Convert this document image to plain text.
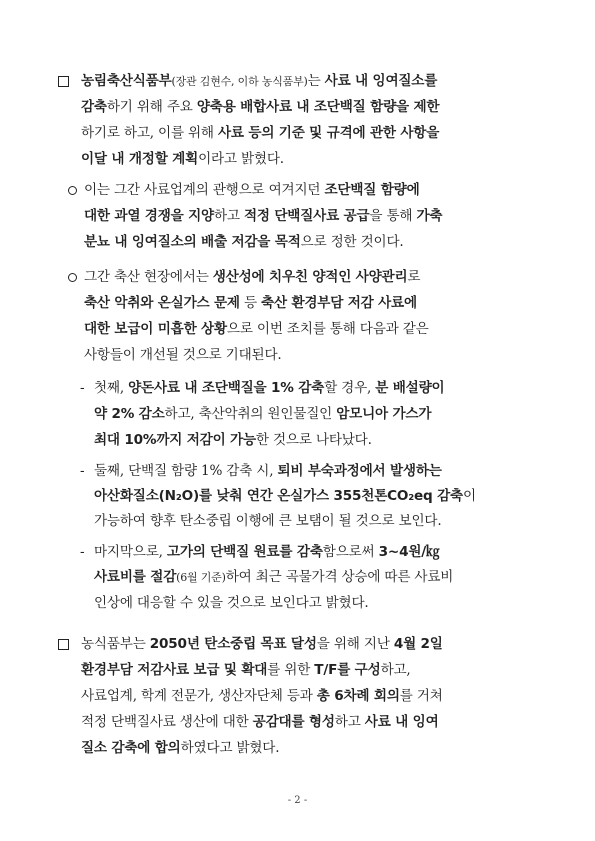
농림축산식품부(장관 김현수, 이하 농식품부)는 사료 내 잉여질소를
감축하기 위해 주요 양축용 배합사료 내 조단백질 함량을 제한
하기로 하고, 이를 위해 사료 등의 기준 및 규격에 관한 사항을
이달 내 개정할 계획이라고 밝혔다.
이는 그간 사료업계의 관행으로 여겨지던 조단백질 함량에
대한 과열 경쟁을 지양하고 적정 단백질사료 공급을 통해 가축
분뇨 내 잉여질소의 배출 저감을 목적으로 정한 것이다.
그간 축산 현장에서는 생산성에 치우친 양적인 사양관리로
축산 악취와 온실가스 문제 등 축산 환경부담 저감 사료에
대한 보급이 미흡한 상황으로 이번 조치를 통해 다음과 같은
사항들이 개선될 것으로 기대된다.
- 첫째, 양돈사료 내 조단백질을 1% 감축할 경우, 분 배설량이
약 2% 감소하고, 축산악취의 원인물질인 암모니아 가스가
최대 10%까지 저감이 가능한 것으로 나타났다.
- 둘째, 단백질 함량 1% 감축 시, 퇴비 부숙과정에서 발생하는
아산화질소(N₂O)를 낮춰 연간 온실가스 355천톤CO₂eq 감축이
가능하여 향후 탄소중립 이행에 큰 보탬이 될 것으로 보인다.
- 마지막으로, 고가의 단백질 원료를 감축함으로써 3~4원/㎏
사료비를 절감(6월 기준)하여 최근 곡물가격 상승에 따른 사료비
인상에 대응할 수 있을 것으로 보인다고 밝혔다.
농식품부는 2050년 탄소중립 목표 달성을 위해 지난 4월 2일
환경부담 저감사료 보급 및 확대를 위한 T/F를 구성하고,
사료업계, 학계 전문가, 생산자단체 등과 총 6차례 회의를 거쳐
적정 단백질사료 생산에 대한 공감대를 형성하고 사료 내 잉여
질소 감축에 합의하였다고 밝혔다.
- 2 -
